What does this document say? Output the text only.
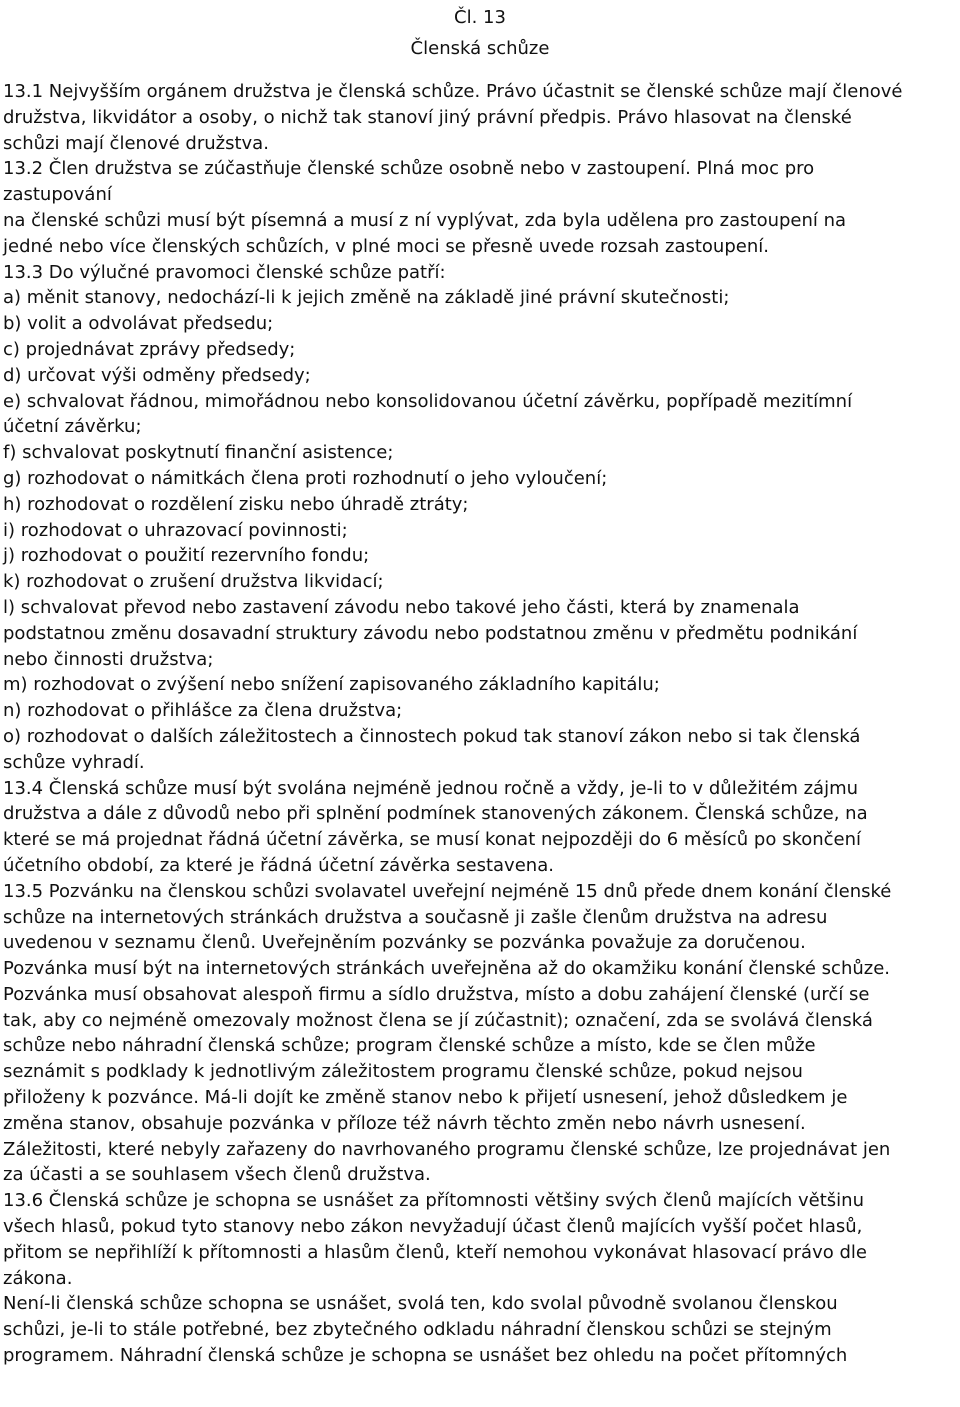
Čl. 13
Členská schůze
13.1 Nejvyšším orgánem družstva je členská schůze. Právo účastnit se členské schůze mají členové
družstva, likvidátor a osoby, o nichž tak stanoví jiný právní předpis. Právo hlasovat na členské
schůzi mají členové družstva.
13.2 Člen družstva se zúčastňuje členské schůze osobně nebo v zastoupení. Plná moc pro
zastupování
na členské schůzi musí být písemná a musí z ní vyplývat, zda byla udělena pro zastoupení na
jedné nebo více členských schůzích, v plné moci se přesně uvede rozsah zastoupení.
13.3 Do výlučné pravomoci členské schůze patří:
a) měnit stanovy, nedochází-li k jejich změně na základě jiné právní skutečnosti;
b) volit a odvolávat předsedu;
c) projednávat zprávy předsedy;
d) určovat výši odměny předsedy;
e) schvalovat řádnou, mimořádnou nebo konsolidovanou účetní závěrku, popřípadě mezitímní
účetní závěrku;
f) schvalovat poskytnutí finanční asistence;
g) rozhodovat o námitkách člena proti rozhodnutí o jeho vyloučení;
h) rozhodovat o rozdělení zisku nebo úhradě ztráty;
i) rozhodovat o uhrazovací povinnosti;
j) rozhodovat o použití rezervního fondu;
k) rozhodovat o zrušení družstva likvidací;
l) schvalovat převod nebo zastavení závodu nebo takové jeho části, která by znamenala
podstatnou změnu dosavadní struktury závodu nebo podstatnou změnu v předmětu podnikání
nebo činnosti družstva;
m) rozhodovat o zvýšení nebo snížení zapisovaného základního kapitálu;
n) rozhodovat o přihlášce za člena družstva;
o) rozhodovat o dalších záležitostech a činnostech pokud tak stanoví zákon nebo si tak členská
schůze vyhradí.
13.4 Členská schůze musí být svolána nejméně jednou ročně a vždy, je-li to v důležitém zájmu
družstva a dále z důvodů nebo při splnění podmínek stanovených zákonem. Členská schůze, na
které se má projednat řádná účetní závěrka, se musí konat nejpozději do 6 měsíců po skončení
účetního období, za které je řádná účetní závěrka sestavena.
13.5 Pozvánku na členskou schůzi svolavatel uveřejní nejméně 15 dnů přede dnem konání členské
schůze na internetových stránkách družstva a současně ji zašle členům družstva na adresu
uvedenou v seznamu členů. Uveřejněním pozvánky se pozvánka považuje za doručenou.
Pozvánka musí být na internetových stránkách uveřejněna až do okamžiku konání členské schůze.
Pozvánka musí obsahovat alespoň firmu a sídlo družstva, místo a dobu zahájení členské (určí se
tak, aby co nejméně omezovaly možnost člena se jí zúčastnit); označení, zda se svolává členská
schůze nebo náhradní členská schůze; program členské schůze a místo, kde se člen může
seznámit s podklady k jednotlivým záležitostem programu členské schůze, pokud nejsou
přiloženy k pozvánce. Má-li dojít ke změně stanov nebo k přijetí usnesení, jehož důsledkem je
změna stanov, obsahuje pozvánka v příloze též návrh těchto změn nebo návrh usnesení.
Záležitosti, které nebyly zařazeny do navrhovaného programu členské schůze, lze projednávat jen
za účasti a se souhlasem všech členů družstva.
13.6 Členská schůze je schopna se usnášet za přítomnosti většiny svých členů majících většinu
všech hlasů, pokud tyto stanovy nebo zákon nevyžadují účast členů majících vyšší počet hlasů,
přitom se nepřihlíží k přítomnosti a hlasům členů, kteří nemohou vykonávat hlasovací právo dle
zákona.
Není-li členská schůze schopna se usnášet, svolá ten, kdo svolal původně svolanou členskou
schůzi, je-li to stále potřebné, bez zbytečného odkladu náhradní členskou schůzi se stejným
programem. Náhradní členská schůze je schopna se usnášet bez ohledu na počet přítomných
